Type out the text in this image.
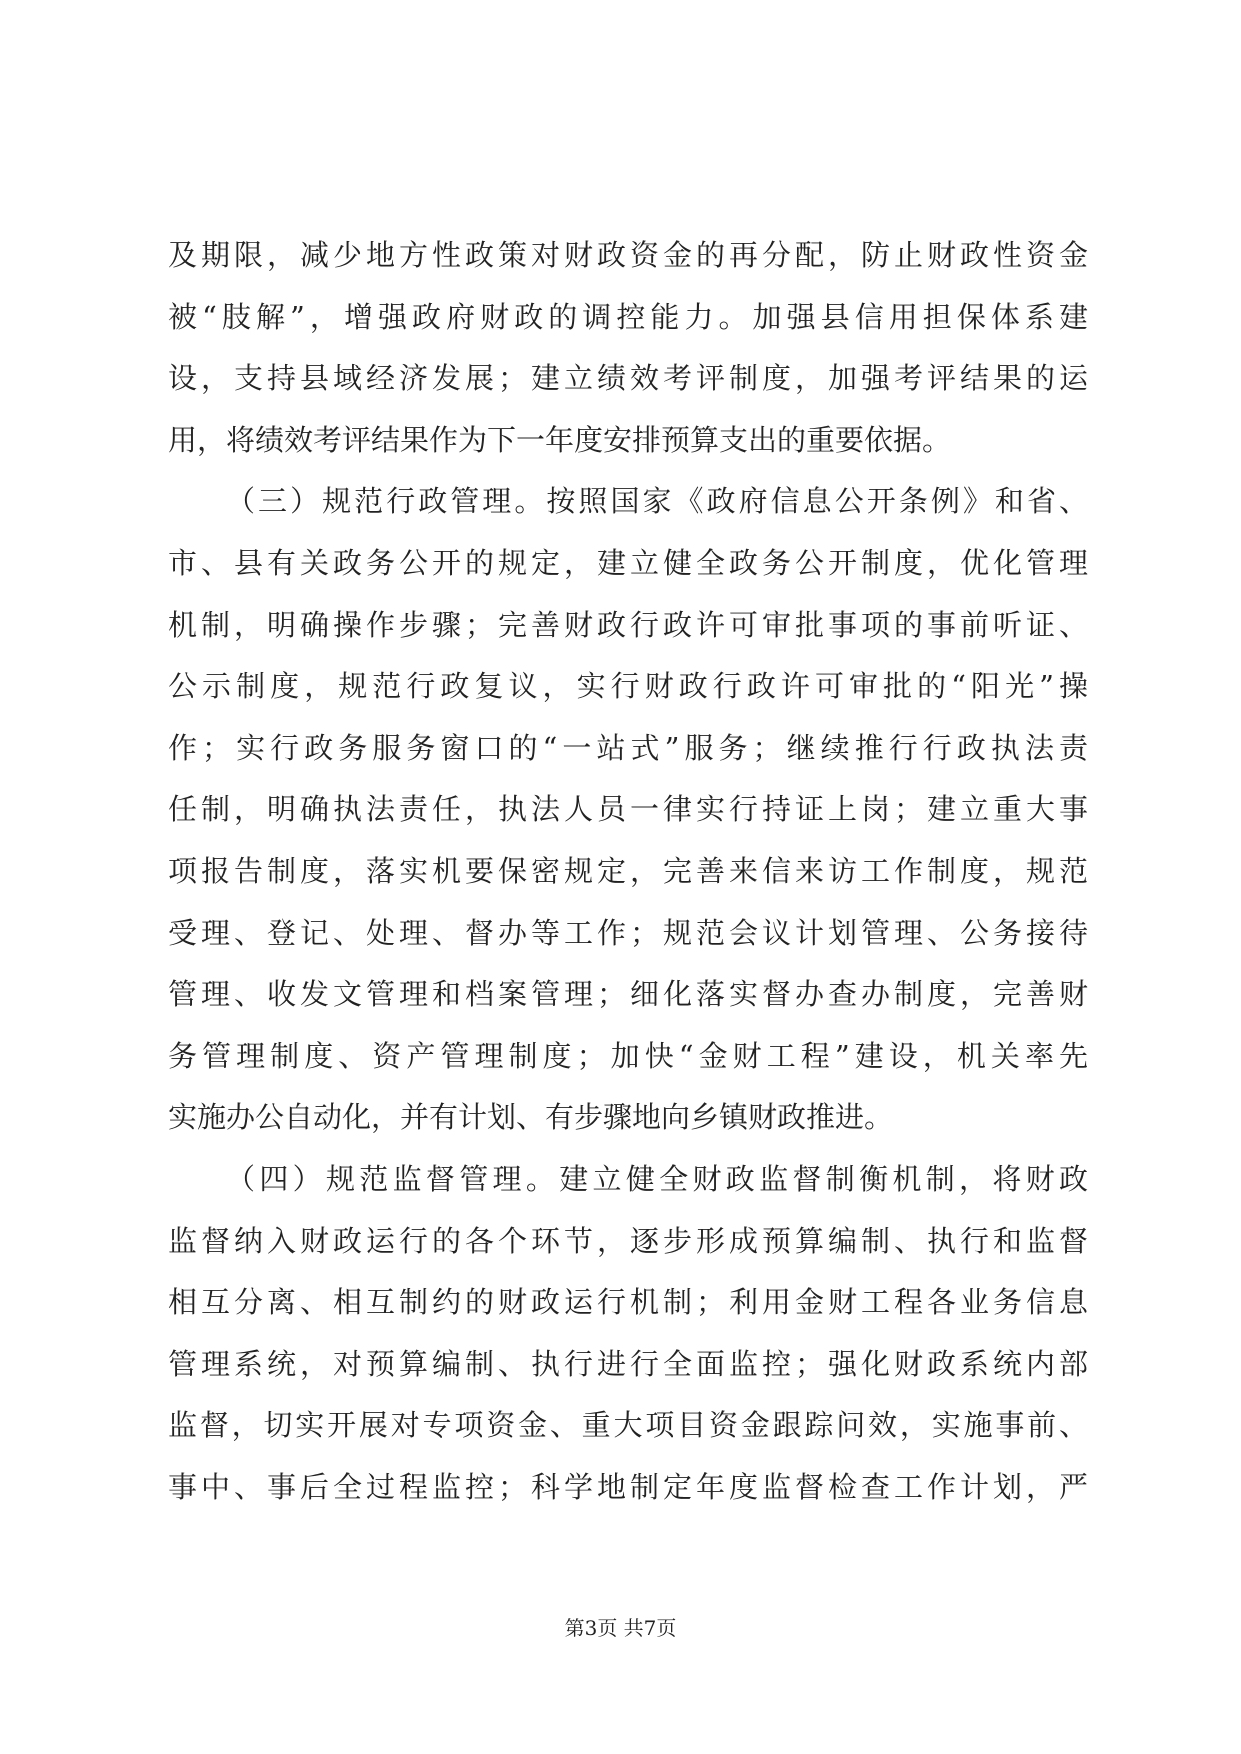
及期限，减少地方性政策对财政资金的再分配，防止财政性资金
被“肢解”，增强政府财政的调控能力。加强县信用担保体系建
设，支持县域经济发展；建立绩效考评制度，加强考评结果的运
用，将绩效考评结果作为下一年度安排预算支出的重要依据。
（三）规范行政管理。按照国家《政府信息公开条例》和省、
市、县有关政务公开的规定，建立健全政务公开制度，优化管理
机制，明确操作步骤；完善财政行政许可审批事项的事前听证、
公示制度，规范行政复议，实行财政行政许可审批的“阳光”操
作；实行政务服务窗口的“一站式”服务；继续推行行政执法责
任制，明确执法责任，执法人员一律实行持证上岗；建立重大事
项报告制度，落实机要保密规定，完善来信来访工作制度，规范
受理、登记、处理、督办等工作；规范会议计划管理、公务接待
管理、收发文管理和档案管理；细化落实督办查办制度，完善财
务管理制度、资产管理制度；加快“金财工程”建设，机关率先
实施办公自动化，并有计划、有步骤地向乡镇财政推进。
（四）规范监督管理。建立健全财政监督制衡机制，将财政
监督纳入财政运行的各个环节，逐步形成预算编制、执行和监督
相互分离、相互制约的财政运行机制；利用金财工程各业务信息
管理系统，对预算编制、执行进行全面监控；强化财政系统内部
监督，切实开展对专项资金、重大项目资金跟踪问效，实施事前、
事中、事后全过程监控；科学地制定年度监督检查工作计划，严
第3页 共7页
